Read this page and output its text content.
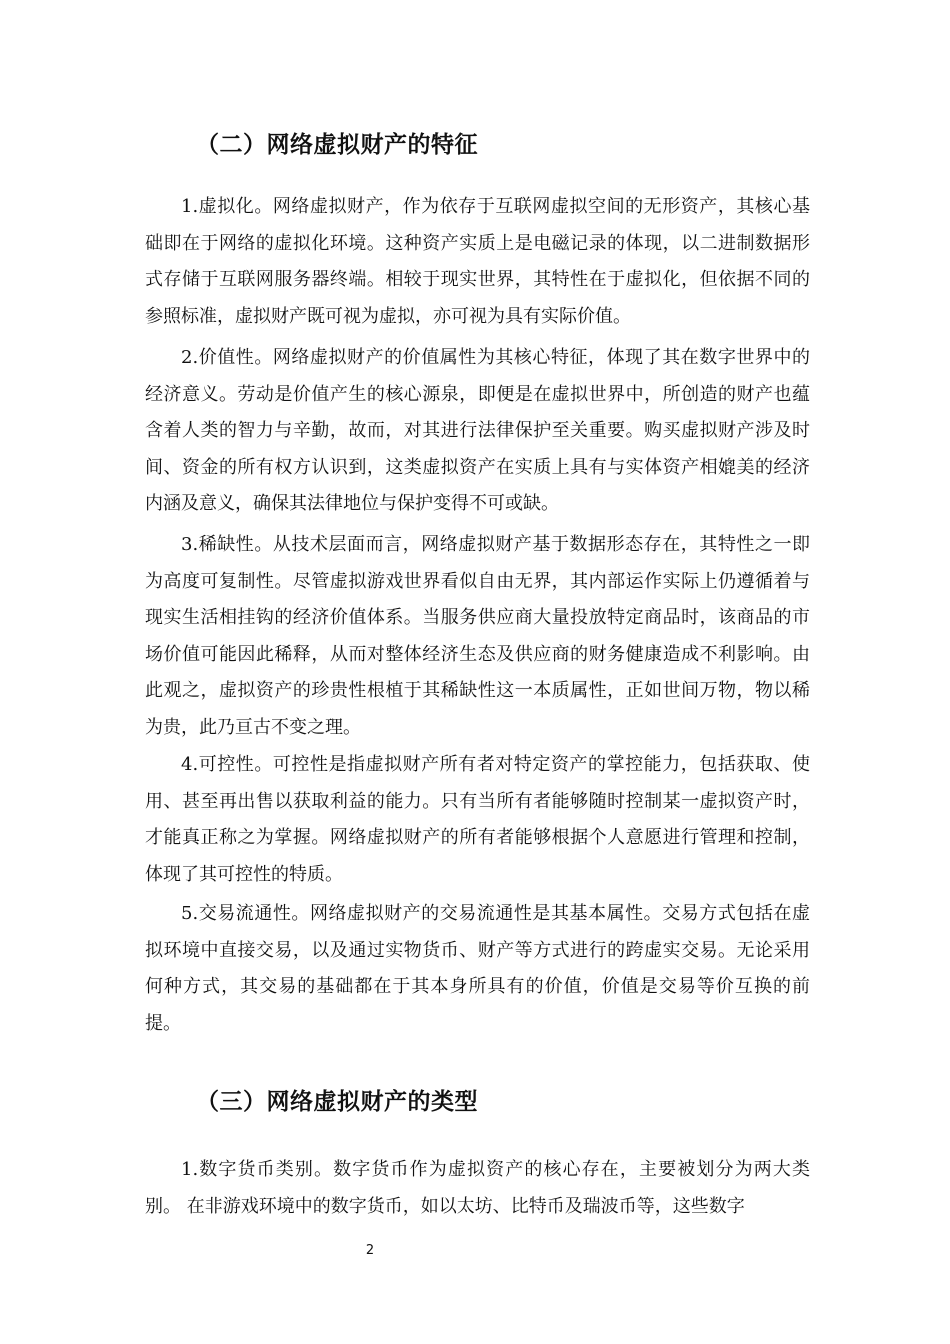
（二）网络虚拟财产的特征

1.虚拟化。网络虚拟财产，作为依存于互联网虚拟空间的无形资产，其核心基础即在于网络的虚拟化环境。这种资产实质上是电磁记录的体现，以二进制数据形式存储于互联网服务器终端。相较于现实世界，其特性在于虚拟化，但依据不同的参照标准，虚拟财产既可视为虚拟，亦可视为具有实际价值。

2.价值性。网络虚拟财产的价值属性为其核心特征，体现了其在数字世界中的经济意义。劳动是价值产生的核心源泉，即便是在虚拟世界中，所创造的财产也蕴含着人类的智力与辛勤，故而，对其进行法律保护至关重要。购买虚拟财产涉及时间、资金的所有权方认识到，这类虚拟资产在实质上具有与实体资产相媲美的经济内涵及意义，确保其法律地位与保护变得不可或缺。

3.稀缺性。从技术层面而言，网络虚拟财产基于数据形态存在，其特性之一即为高度可复制性。尽管虚拟游戏世界看似自由无界，其内部运作实际上仍遵循着与现实生活相挂钩的经济价值体系。当服务供应商大量投放特定商品时，该商品的市场价值可能因此稀释，从而对整体经济生态及供应商的财务健康造成不利影响。由此观之，虚拟资产的珍贵性根植于其稀缺性这一本质属性，正如世间万物，物以稀为贵，此乃亘古不变之理。

4.可控性。可控性是指虚拟财产所有者对特定资产的掌控能力，包括获取、使用、甚至再出售以获取利益的能力。只有当所有者能够随时控制某一虚拟资产时，才能真正称之为掌握。网络虚拟财产的所有者能够根据个人意愿进行管理和控制，体现了其可控性的特质。

5.交易流通性。网络虚拟财产的交易流通性是其基本属性。交易方式包括在虚拟环境中直接交易，以及通过实物货币、财产等方式进行的跨虚实交易。无论采用何种方式，其交易的基础都在于其本身所具有的价值，价值是交易等价互换的前提。

（三）网络虚拟财产的类型

1.数字货币类别。数字货币作为虚拟资产的核心存在，主要被划分为两大类别。 在非游戏环境中的数字货币，如以太坊、比特币及瑞波币等，这些数字

2
